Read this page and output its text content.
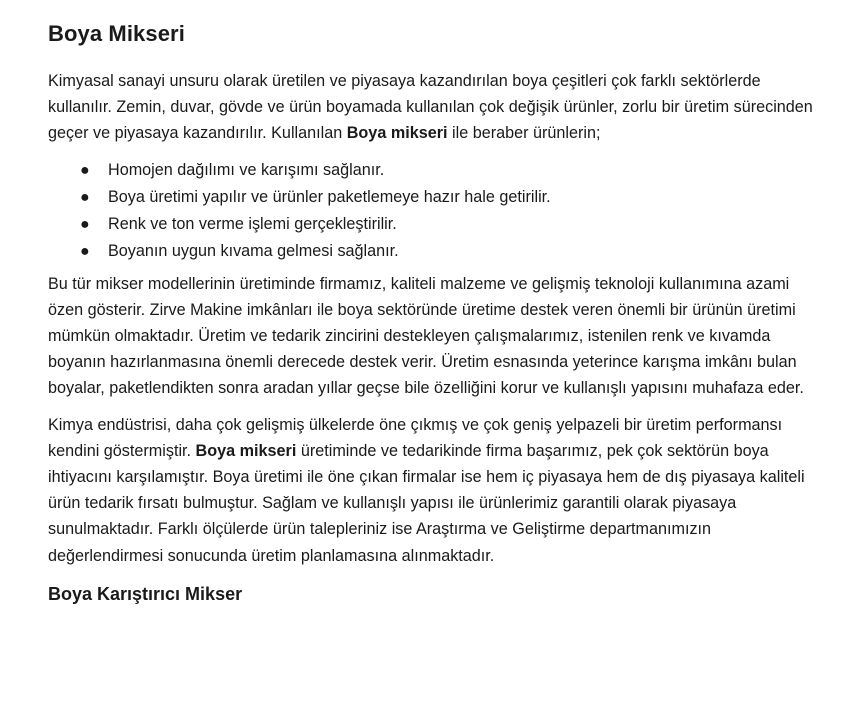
Boya Mikseri

Kimyasal sanayi unsuru olarak üretilen ve piyasaya kazandırılan boya çeşitleri çok farklı sektörlerde kullanılır. Zemin, duvar, gövde ve ürün boyamada kullanılan çok değişik ürünler, zorlu bir üretim sürecinden geçer ve piyasaya kazandırılır. Kullanılan Boya mikseri ile beraber ürünlerin;

● Homojen dağılımı ve karışımı sağlanır.
● Boya üretimi yapılır ve ürünler paketlemeye hazır hale getirilir.
● Renk ve ton verme işlemi gerçekleştirilir.
● Boyanın uygun kıvama gelmesi sağlanır.

Bu tür mikser modellerinin üretiminde firmamız, kaliteli malzeme ve gelişmiş teknoloji kullanımına azami özen gösterir. Zirve Makine imkânları ile boya sektöründe üretime destek veren önemli bir ürünün üretimi mümkün olmaktadır. Üretim ve tedarik zincirini destekleyen çalışmalarımız, istenilen renk ve kıvamda boyanın hazırlanmasına önemli derecede destek verir. Üretim esnasında yeterince karışma imkânı bulan boyalar, paketlendikten sonra aradan yıllar geçse bile özelliğini korur ve kullanışlı yapısını muhafaza eder.

Kimya endüstrisi, daha çok gelişmiş ülkelerde öne çıkmış ve çok geniş yelpazeli bir üretim performansı kendini göstermiştir. Boya mikseri üretiminde ve tedarikinde firma başarımız, pek çok sektörün boya ihtiyacını karşılamıştır. Boya üretimi ile öne çıkan firmalar ise hem iç piyasaya hem de dış piyasaya kaliteli ürün tedarik fırsatı bulmuştur. Sağlam ve kullanışlı yapısı ile ürünlerimiz garantili olarak piyasaya sunulmaktadır. Farklı ölçülerde ürün talepleriniz ise Araştırma ve Geliştirme departmanımızın değerlendirmesi sonucunda üretim planlamasına alınmaktadır.

Boya Karıştırıcı Mikser
